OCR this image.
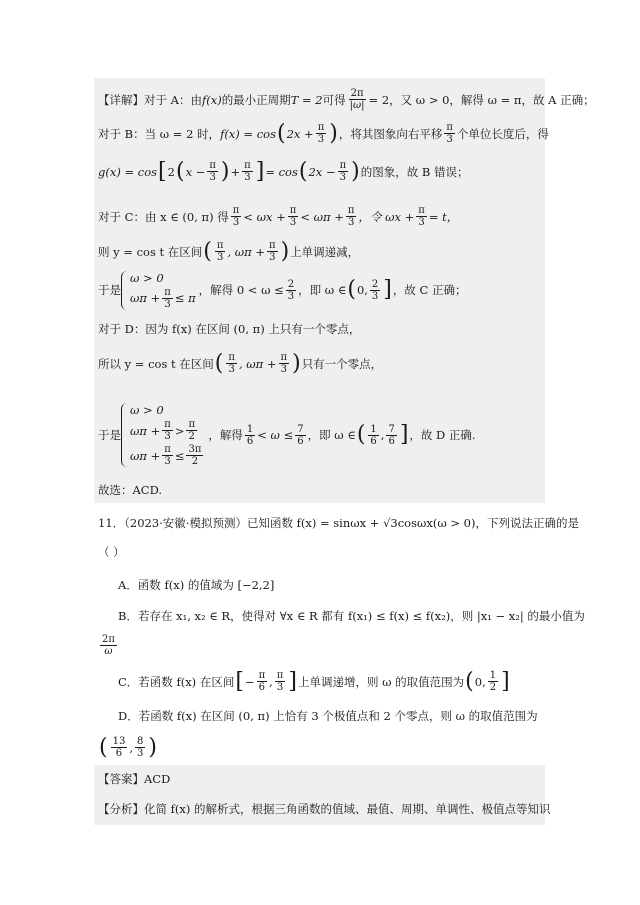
【详解】对于 A：由 f(x) 的最小正周期 T = 2 可得 $\frac{2\pi}{|\omega|} = 2$，又 ω > 0，解得 ω = π，故 A 正确；
对于 B：当 ω = 2 时， f(x) = cos ( $2x + \frac{\pi}{3}$ ) ，将其图象向右平移 $\frac{\pi}{3}$ 个单位长度后，得
g(x) = cos [ 2 ( $x - \frac{\pi}{3}$ ) + $\frac{\pi}{3}$ ] = cos ( $2x - \frac{\pi}{3}$ ) 的图象，故 B 错误；
对于 C：由 x ∈ (0, π) 得 $\frac{\pi}{3} < \omega x + \frac{\pi}{3} < \omega\pi + \frac{\pi}{3}$ ，令 $\omega x + \frac{\pi}{3} = t$，
则 y = cos t 在区间 ( $\frac{\pi}{3}$ , $\omega\pi + \frac{\pi}{3}$ ) 上单调递减，
于是
ω > 0
$\omega\pi + \frac{\pi}{3} \le \pi$
，解得 $0 < \omega \le \frac{2}{3}$ ，即 ω ∈ ( 0, $\frac{2}{3}$ ] ，故 C 正确；
对于 D：因为 f(x) 在区间 (0, π) 上只有一个零点，
所以 y = cos t 在区间 ( $\frac{\pi}{3}$ , $\omega\pi + \frac{\pi}{3}$ ) 只有一个零点，
于是
ω > 0
$\omega\pi + \frac{\pi}{3} > \frac{\pi}{2}$
$\omega\pi + \frac{\pi}{3} \le \frac{3\pi}{2}$
，解得 $\frac{1}{6} < \omega \le \frac{7}{6}$ ，即 ω ∈ ( $\frac{1}{6}$ , $\frac{7}{6}$ ] ，故 D 正确.
故选：ACD.
11．（2023·安徽·模拟预测）已知函数 f(x) = sinωx + √3cosωx(ω > 0)，下列说法正确的是
（ ）
A．函数 f(x) 的值域为 [−2,2]
B．若存在 x₁, x₂ ∈ R，使得对 ∀x ∈ R 都有 f(x₁) ≤ f(x) ≤ f(x₂)，则 |x₁ − x₂| 的最小值为
$\frac{2\pi}{\omega}$
C．若函数 f(x) 在区间 [ − $\frac{\pi}{6}$ , $\frac{\pi}{3}$ ] 上单调递增，则 ω 的取值范围为 ( 0, $\frac{1}{2}$ ]
D．若函数 f(x) 在区间 (0, π) 上恰有 3 个极值点和 2 个零点，则 ω 的取值范围为
( $\frac{13}{6}$ , $\frac{8}{3}$ )
【答案】ACD
【分析】化简 f(x) 的解析式，根据三角函数的值域、最值、周期、单调性、极值点等知识
